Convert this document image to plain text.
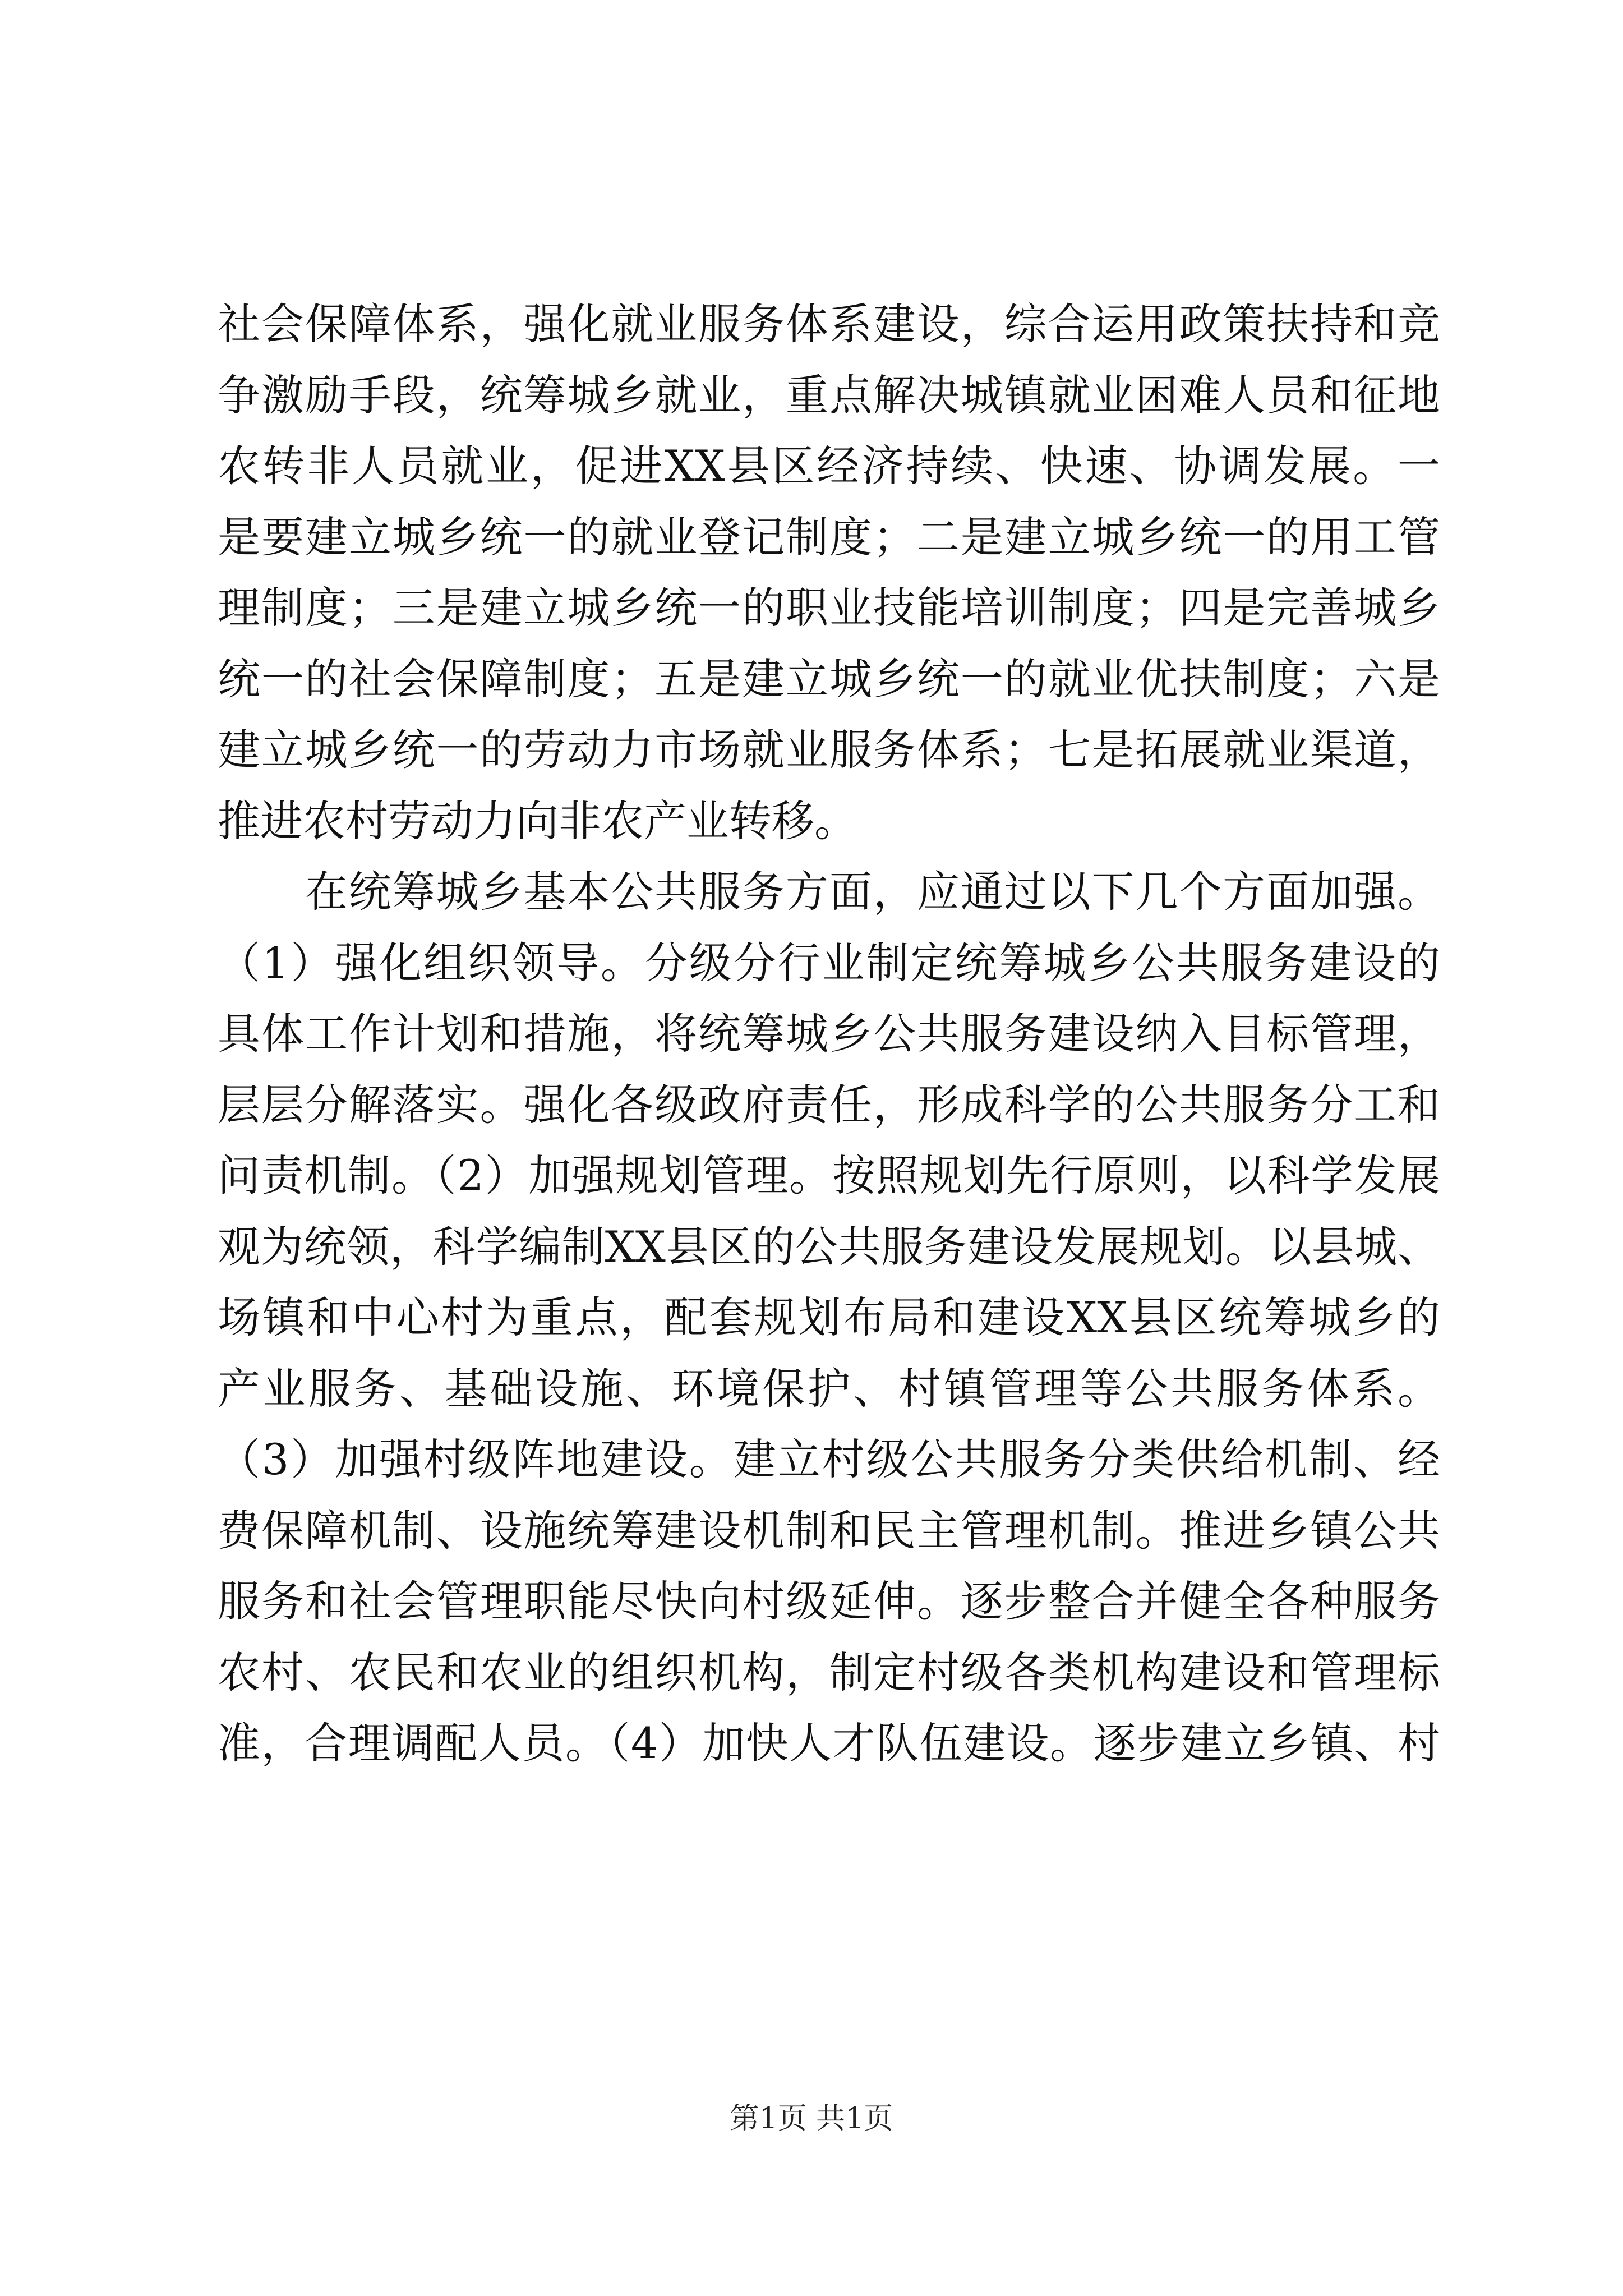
社会保障体系，强化就业服务体系建设，综合运用政策扶持和竞
争激励手段，统筹城乡就业，重点解决城镇就业困难人员和征地
农转非人员就业，促进XX县区经济持续、快速、协调发展。一
是要建立城乡统一的就业登记制度；二是建立城乡统一的用工管
理制度；三是建立城乡统一的职业技能培训制度；四是完善城乡
统一的社会保障制度；五是建立城乡统一的就业优扶制度；六是
建立城乡统一的劳动力市场就业服务体系；七是拓展就业渠道，
推进农村劳动力向非农产业转移。
　　在统筹城乡基本公共服务方面，应通过以下几个方面加强。
（1）强化组织领导。分级分行业制定统筹城乡公共服务建设的
具体工作计划和措施，将统筹城乡公共服务建设纳入目标管理，
层层分解落实。强化各级政府责任，形成科学的公共服务分工和
问责机制。（2）加强规划管理。按照规划先行原则，以科学发展
观为统领，科学编制XX县区的公共服务建设发展规划。以县城、
场镇和中心村为重点，配套规划布局和建设XX县区统筹城乡的
产业服务、基础设施、环境保护、村镇管理等公共服务体系。
（3）加强村级阵地建设。建立村级公共服务分类供给机制、经
费保障机制、设施统筹建设机制和民主管理机制。推进乡镇公共
服务和社会管理职能尽快向村级延伸。逐步整合并健全各种服务
农村、农民和农业的组织机构，制定村级各类机构建设和管理标
准，合理调配人员。（4）加快人才队伍建设。逐步建立乡镇、村
第1页 共1页
